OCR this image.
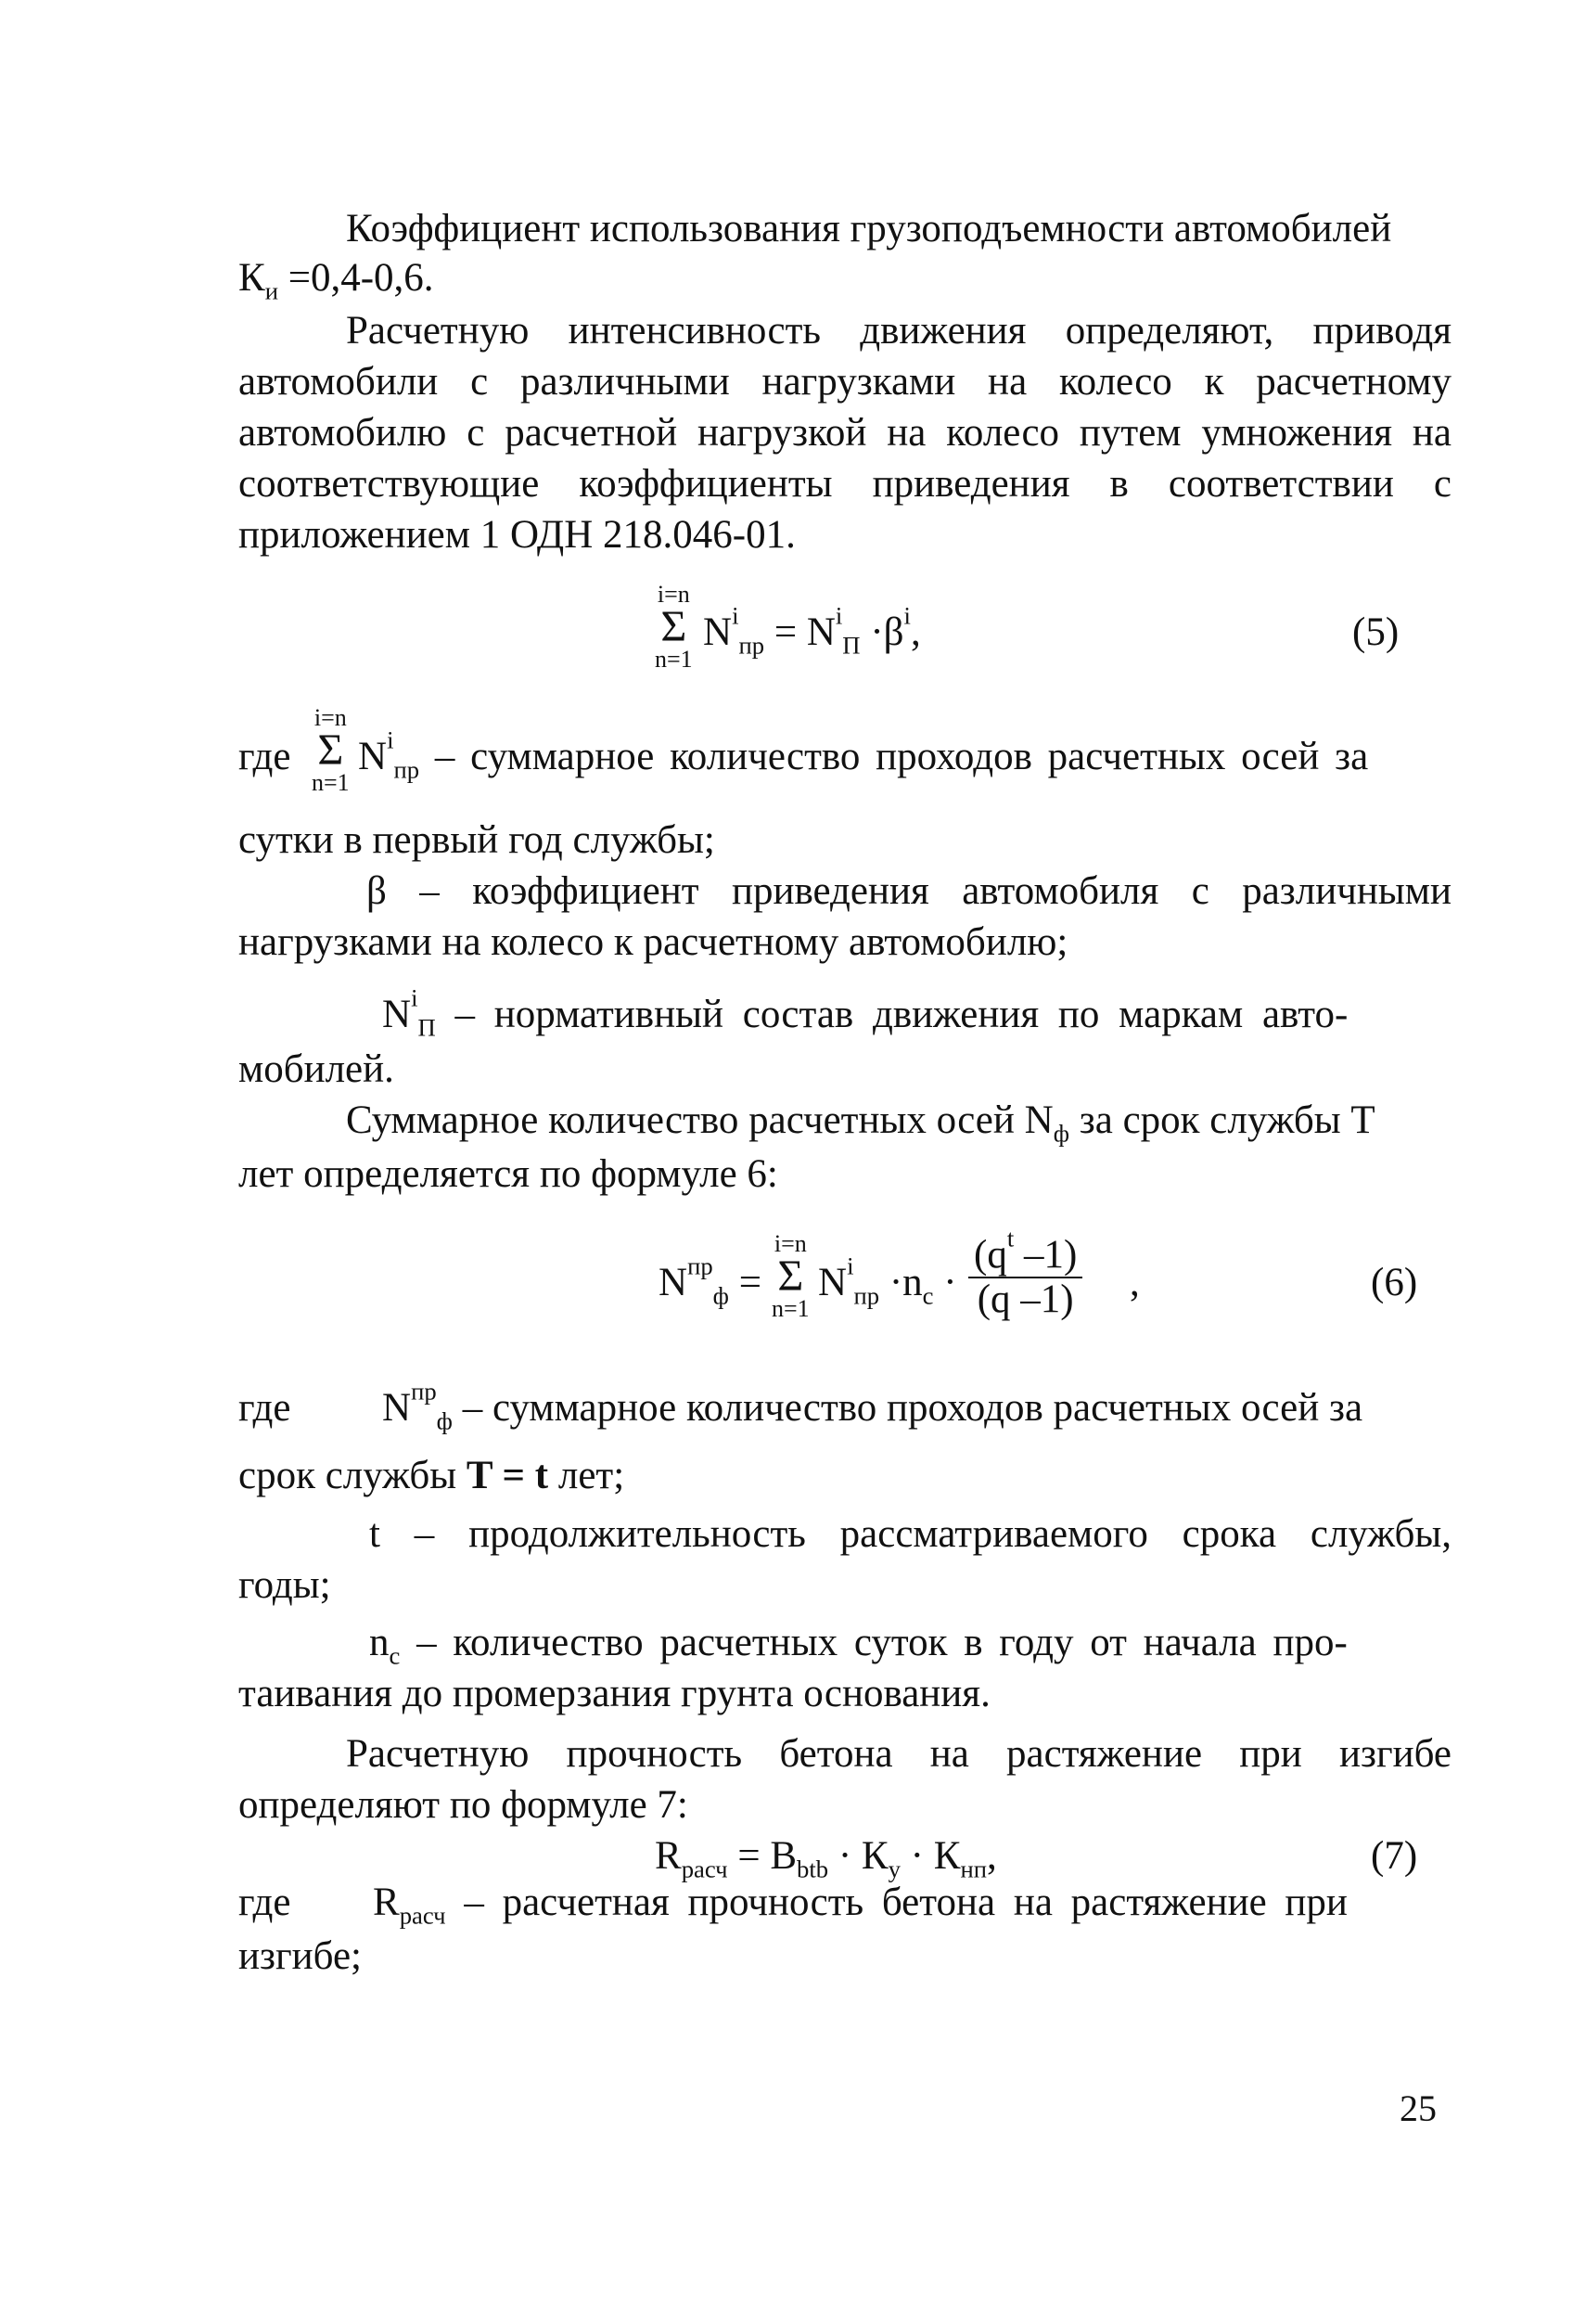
Коэффициент использования грузоподъемности автомобилей
$К_и =0,4-0,6$.
Расчетную интенсивность движения определяют, приводя
автомобили с различными нагрузками на колесо к расчетному
автомобилю с расчетной нагрузкой на колесо путем умножения на
соответствующие коэффициенты приведения в соответствии с
приложением 1 ОДН 218.046-01.
i=n
Σ
n=1
$N^i_{пр} = N^i_П \cdot\beta^i$,	(5)
где
i=n
Σ
n=1
$N^i_{пр}$ – суммарное количество проходов расчетных осей за
сутки в первый год службы;
β – коэффициент приведения автомобиля с различными
нагрузками на колесо к расчетному автомобилю;
$N^i_П$ – нормативный состав движения по маркам авто-
мобилей.
Суммарное количество расчетных осей $N_ф$ за срок службы Т
лет определяется по формуле 6:
$N^{пр}_ф$ =
i=n
Σ
n=1
$N^i_{пр} \cdot n_с \cdot \frac{(q^t -1)}{(q -1)}$ ,	(6)
где $N^{пр}_ф$ – суммарное количество проходов расчетных осей за
срок службы T = t лет;
t – продолжительность рассматриваемого срока службы,
годы;
$n_с$ – количество расчетных суток в году от начала про-
таивания до промерзания грунта основания.
Расчетную прочность бетона на растяжение при изгибе
определяют по формуле 7:
$R_{расч} = B_{btb} \cdot К_у \cdot К_{нп}$,	(7)
где $R_{расч}$ – расчетная прочность бетона на растяжение при
изгибе;
25
